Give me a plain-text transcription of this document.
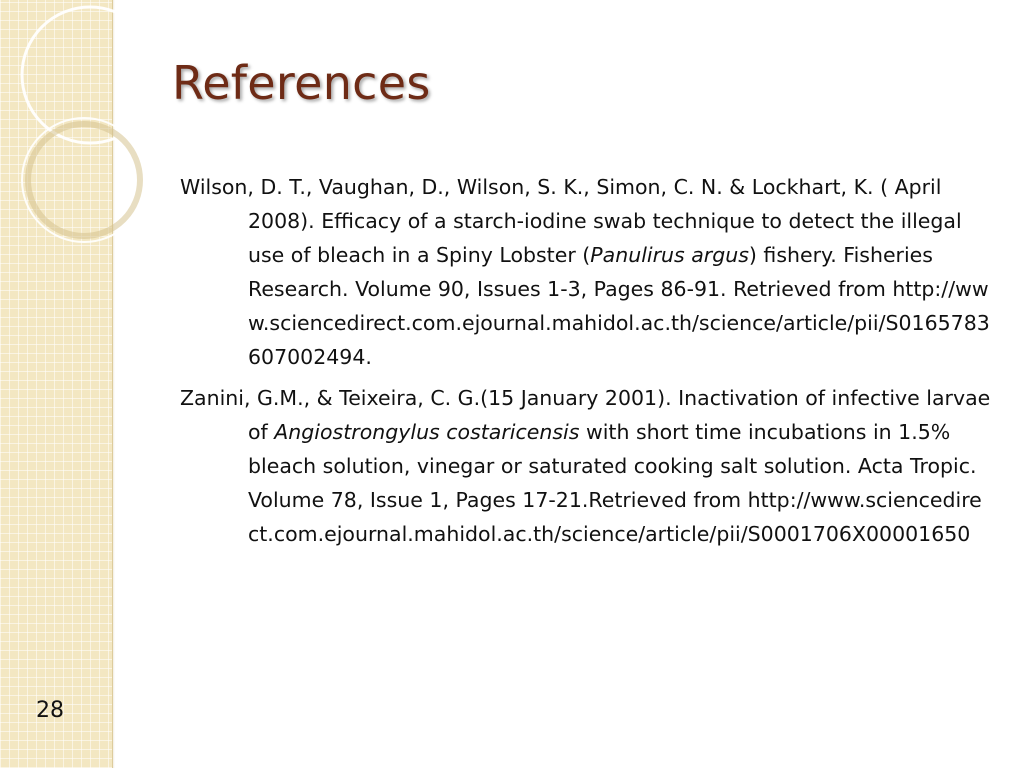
References

Wilson, D. T., Vaughan, D., Wilson, S. K., Simon, C. N. & Lockhart, K. ( April 2008). Efficacy of a starch-iodine swab technique to detect the illegal use of bleach in a Spiny Lobster (Panulirus argus) fishery. Fisheries Research. Volume 90, Issues 1-3, Pages 86-91. Retrieved from http://www.sciencedirect.com.ejournal.mahidol.ac.th/science/article/pii/S0165783607002494.

Zanini, G.M., & Teixeira, C. G.(15 January 2001). Inactivation of infective larvae of Angiostrongylus costaricensis with short time incubations in 1.5% bleach solution, vinegar or saturated cooking salt solution. Acta Tropic. Volume 78, Issue 1, Pages 17-21.Retrieved from http://www.sciencedirect.com.ejournal.mahidol.ac.th/science/article/pii/S0001706X00001650

28
